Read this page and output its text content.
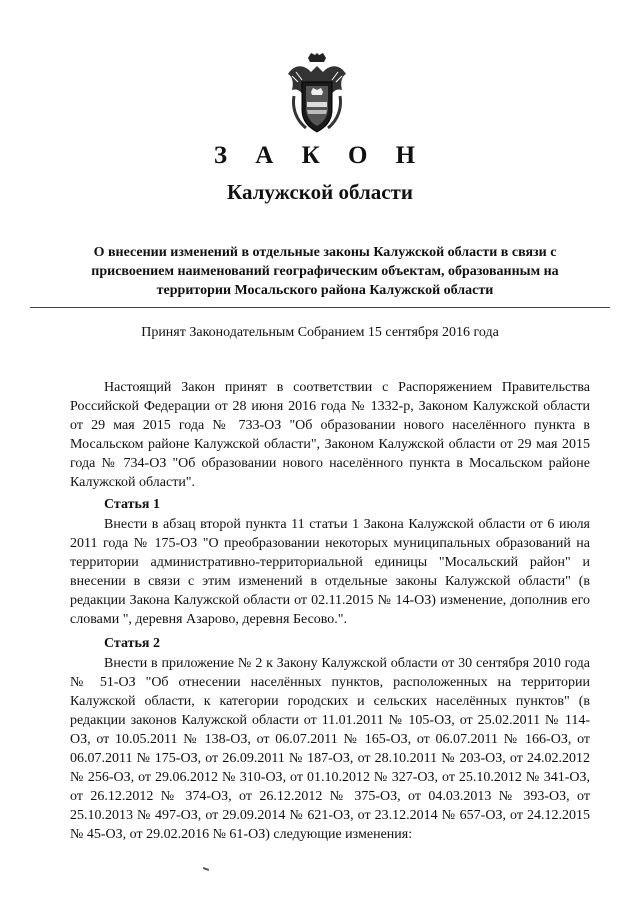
З А К О Н
Калужской области

О внесении изменений в отдельные законы Калужской области в связи с присвоением наименований географическим объектам, образованным на территории Мосальского района Калужской области

Принят Законодательным Собранием 15 сентября 2016 года

Настоящий Закон принят в соответствии с Распоряжением Правительства Российской Федерации от 28 июня 2016 года № 1332-р, Законом Калужской области от 29 мая 2015 года № 733-ОЗ "Об образовании нового населённого пункта в Мосальском районе Калужской области", Законом Калужской области от 29 мая 2015 года № 734-ОЗ "Об образовании нового населённого пункта в Мосальском районе Калужской области".

Статья 1

Внести в абзац второй пункта 11 статьи 1 Закона Калужской области от 6 июля 2011 года № 175-ОЗ "О преобразовании некоторых муниципальных образований на территории административно-территориальной единицы "Мосальский район" и внесении в связи с этим изменений в отдельные законы Калужской области" (в редакции Закона Калужской области от 02.11.2015 № 14-ОЗ) изменение, дополнив его словами ", деревня Азарово, деревня Бесово.".

Статья 2

Внести в приложение № 2 к Закону Калужской области от 30 сентября 2010 года № 51-ОЗ "Об отнесении населённых пунктов, расположенных на территории Калужской области, к категории городских и сельских населённых пунктов" (в редакции законов Калужской области от 11.01.2011 № 105-ОЗ, от 25.02.2011 № 114-ОЗ, от 10.05.2011 № 138-ОЗ, от 06.07.2011 № 165-ОЗ, от 06.07.2011 № 166-ОЗ, от 06.07.2011 № 175-ОЗ, от 26.09.2011 № 187-ОЗ, от 28.10.2011 № 203-ОЗ, от 24.02.2012 № 256-ОЗ, от 29.06.2012 № 310-ОЗ, от 01.10.2012 № 327-ОЗ, от 25.10.2012 № 341-ОЗ, от 26.12.2012 № 374-ОЗ, от 26.12.2012 № 375-ОЗ, от 04.03.2013 № 393-ОЗ, от 25.10.2013 № 497-ОЗ, от 29.09.2014 № 621-ОЗ, от 23.12.2014 № 657-ОЗ, от 24.12.2015 № 45-ОЗ, от 29.02.2016 № 61-ОЗ) следующие изменения:
